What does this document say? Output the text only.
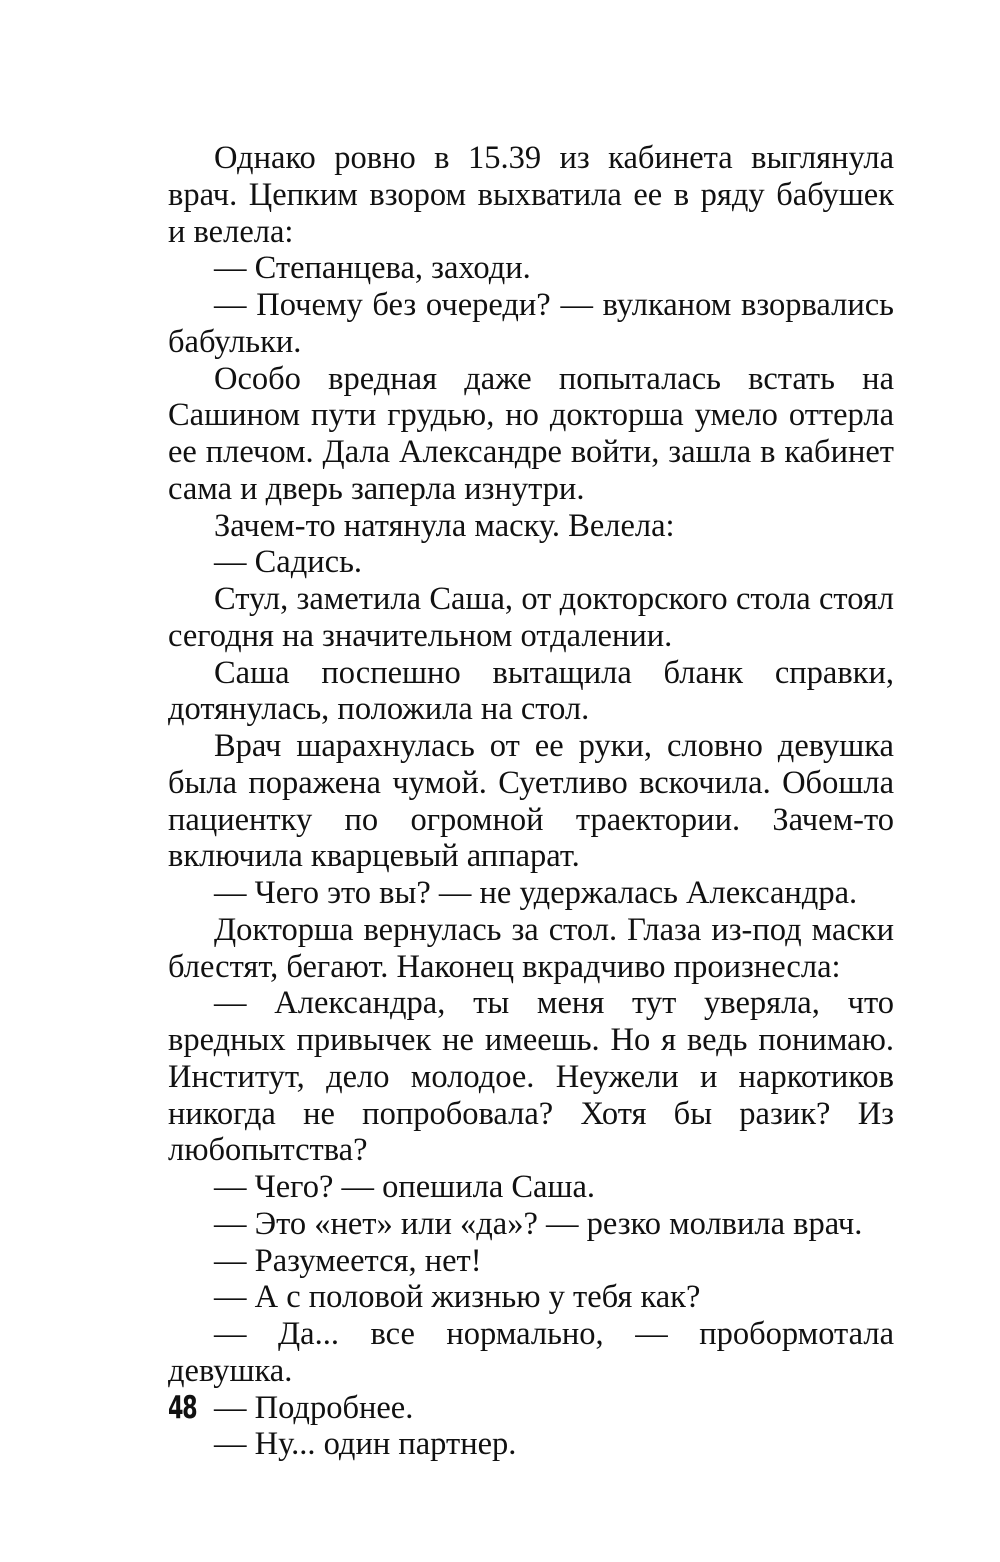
Однако ровно в 15.39 из кабинета выглянула врач. Цепким взором выхватила ее в ряду бабушек и велела:

— Степанцева, заходи.

— Почему без очереди? — вулканом взорвались бабульки.

Особо вредная даже попыталась встать на Сашином пути грудью, но докторша умело оттерла ее плечом. Дала Александре войти, зашла в кабинет сама и дверь заперла изнутри.

Зачем-то натянула маску. Велела:

— Садись.

Стул, заметила Саша, от докторского стола стоял сегодня на значительном отдалении.

Саша поспешно вытащила бланк справки, дотянулась, положила на стол.

Врач шарахнулась от ее руки, словно девушка была поражена чумой. Суетливо вскочила. Обошла пациентку по огромной траектории. Зачем-то включила кварцевый аппарат.

— Чего это вы? — не удержалась Александра.

Докторша вернулась за стол. Глаза из-под маски блестят, бегают. Наконец вкрадчиво произнесла:

— Александра, ты меня тут уверяла, что вредных привычек не имеешь. Но я ведь понимаю. Институт, дело молодое. Неужели и наркотиков никогда не попробовала? Хотя бы разик? Из любопытства?

— Чего? — опешила Саша.

— Это «нет» или «да»? — резко молвила врач.

— Разумеется, нет!

— А с половой жизнью у тебя как?

— Да... все нормально, — пробормотала девушка.

— Подробнее.

— Ну... один партнер.

48
